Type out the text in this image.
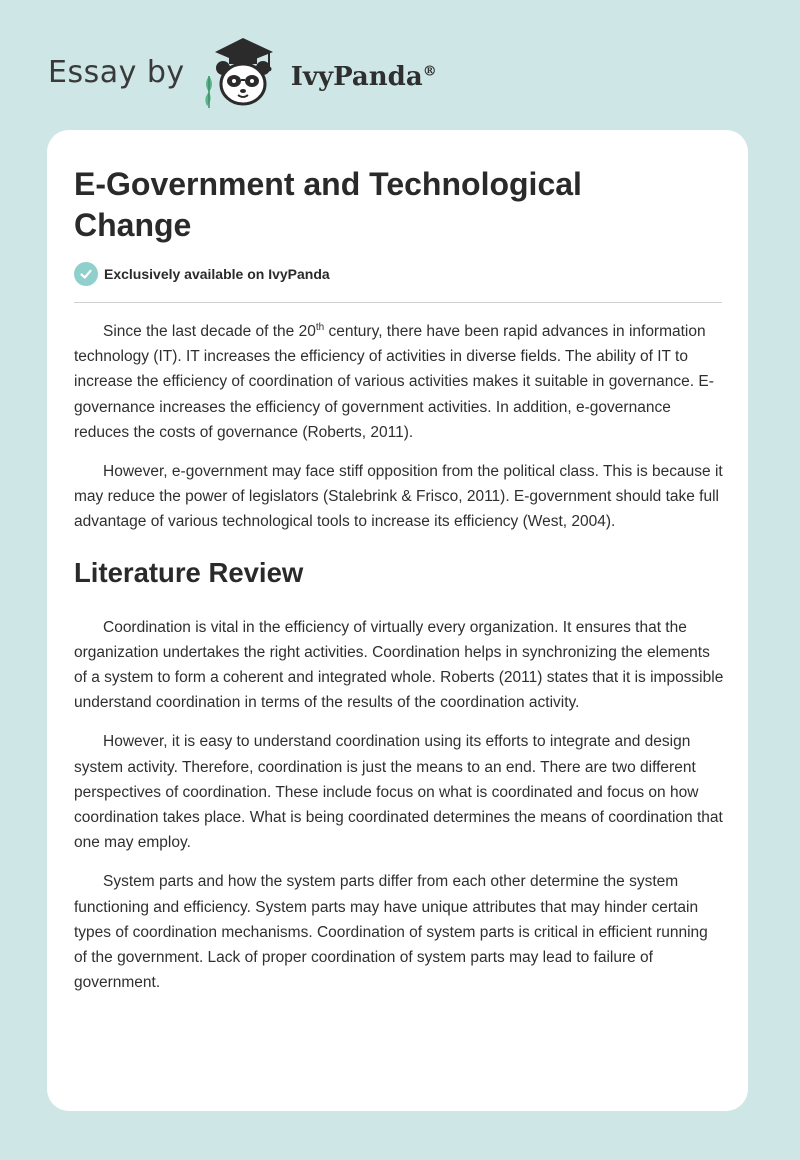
Essay by	IvyPanda®
E-Government and Technological Change
Exclusively available on IvyPanda

Since the last decade of the 20th century, there have been rapid advances in information technology (IT). IT increases the efficiency of activities in diverse fields. The ability of IT to increase the efficiency of coordination of various activities makes it suitable in governance. E-governance increases the efficiency of government activities. In addition, e-governance reduces the costs of governance (Roberts, 2011).

However, e-government may face stiff opposition from the political class. This is because it may reduce the power of legislators (Stalebrink & Frisco, 2011). E-government should take full advantage of various technological tools to increase its efficiency (West, 2004).

Literature Review

Coordination is vital in the efficiency of virtually every organization. It ensures that the organization undertakes the right activities. Coordination helps in synchronizing the elements of a system to form a coherent and integrated whole. Roberts (2011) states that it is impossible understand coordination in terms of the results of the coordination activity.

However, it is easy to understand coordination using its efforts to integrate and design system activity. Therefore, coordination is just the means to an end. There are two different perspectives of coordination. These include focus on what is coordinated and focus on how coordination takes place. What is being coordinated determines the means of coordination that one may employ.

System parts and how the system parts differ from each other determine the system functioning and efficiency. System parts may have unique attributes that may hinder certain types of coordination mechanisms. Coordination of system parts is critical in efficient running of the government. Lack of proper coordination of system parts may lead to failure of government.
